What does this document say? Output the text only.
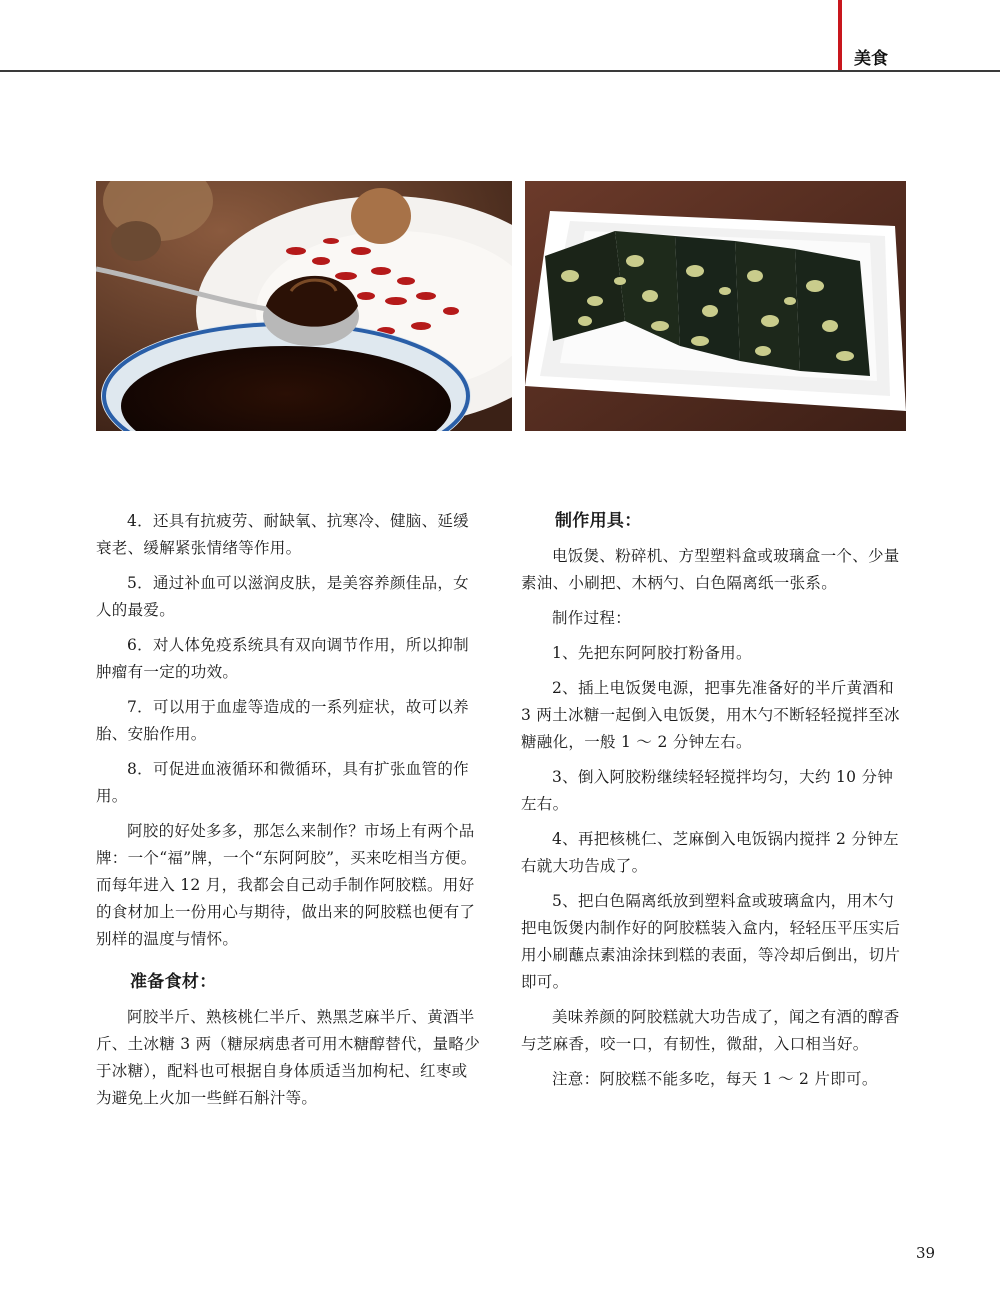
美食

4．还具有抗疲劳、耐缺氧、抗寒冷、健脑、延缓衰老、缓解紧张情绪等作用。

5．通过补血可以滋润皮肤，是美容养颜佳品，女人的最爱。

6．对人体免疫系统具有双向调节作用，所以抑制肿瘤有一定的功效。

7．可以用于血虚等造成的一系列症状，故可以养胎、安胎作用。

8．可促进血液循环和微循环，具有扩张血管的作用。

阿胶的好处多多，那怎么来制作？市场上有两个品牌：一个“福”牌，一个“东阿阿胶”，买来吃相当方便。而每年进入 12 月，我都会自己动手制作阿胶糕。用好的食材加上一份用心与期待，做出来的阿胶糕也便有了别样的温度与情怀。

准备食材：

阿胶半斤、熟核桃仁半斤、熟黑芝麻半斤、黄酒半斤、土冰糖 3 两（糖尿病患者可用木糖醇替代，量略少于冰糖），配料也可根据自身体质适当加枸杞、红枣或为避免上火加一些鲜石斛汁等。

制作用具：

电饭煲、粉碎机、方型塑料盒或玻璃盒一个、少量素油、小刷把、木柄勺、白色隔离纸一张系。

制作过程：

1、先把东阿阿胶打粉备用。

2、插上电饭煲电源，把事先准备好的半斤黄酒和 3 两土冰糖一起倒入电饭煲，用木勺不断轻轻搅拌至冰糖融化，一般 1 ～ 2 分钟左右。

3、倒入阿胶粉继续轻轻搅拌均匀，大约 10 分钟左右。

4、再把核桃仁、芝麻倒入电饭锅内搅拌 2 分钟左右就大功告成了。

5、把白色隔离纸放到塑料盒或玻璃盒内，用木勺把电饭煲内制作好的阿胶糕装入盒内，轻轻压平压实后用小刷蘸点素油涂抹到糕的表面，等冷却后倒出，切片即可。

美味养颜的阿胶糕就大功告成了，闻之有酒的醇香与芝麻香，咬一口，有韧性，微甜，入口相当好。

注意：阿胶糕不能多吃，每天 1 ～ 2 片即可。

39
